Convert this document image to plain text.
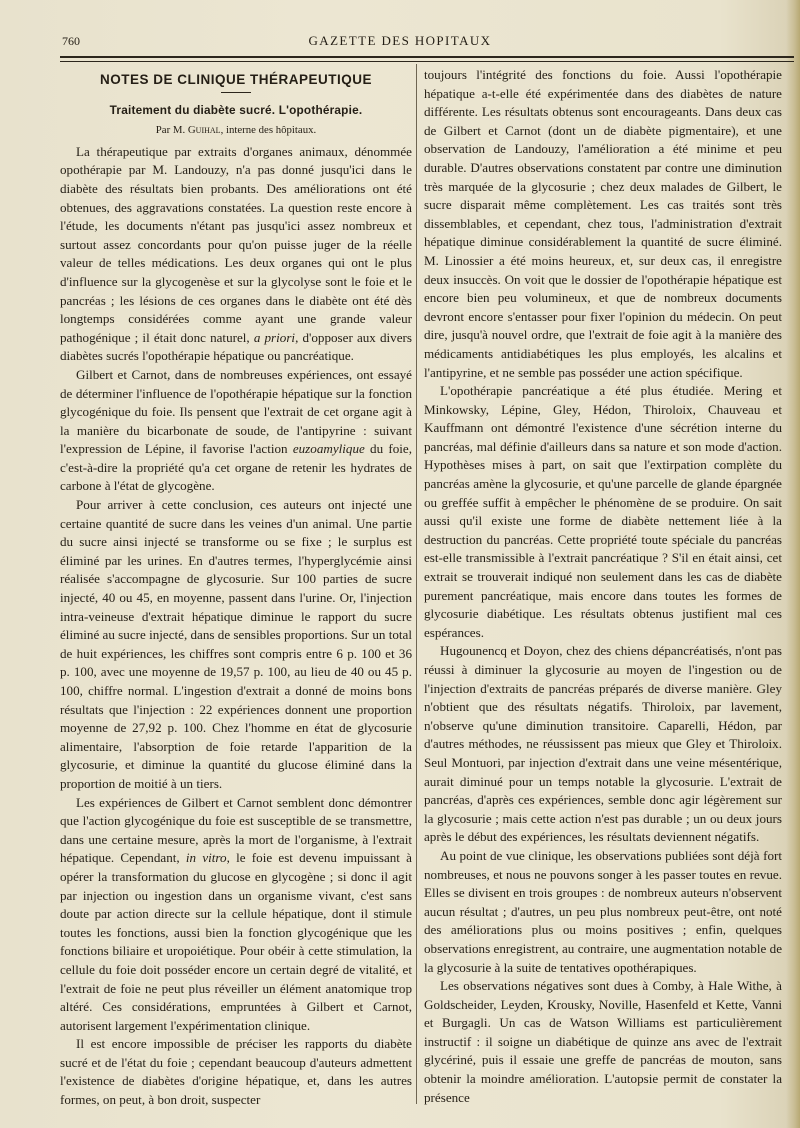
760	GAZETTE DES HOPITAUX
NOTES DE CLINIQUE THÉRAPEUTIQUE
Traitement du diabète sucré. L'opothérapie.
Par M. Guihal, interne des hôpitaux.

La thérapeutique par extraits d'organes animaux, dénommée opothérapie par M. Landouzy, n'a pas donné jusqu'ici dans le diabète des résultats bien probants. Des améliorations ont été obtenues, des aggravations constatées. La question reste encore à l'étude, les documents n'étant pas jusqu'ici assez nombreux et surtout assez concordants pour qu'on puisse juger de la réelle valeur de telles médications. Les deux organes qui ont le plus d'influence sur la glycogenèse et sur la glycolyse sont le foie et le pancréas ; les lésions de ces organes dans le diabète ont été dès longtemps considérées comme ayant une grande valeur pathogénique ; il était donc naturel, a priori, d'opposer aux divers diabètes sucrés l'opothérapie hépatique ou pancréatique.

Gilbert et Carnot, dans de nombreuses expériences, ont essayé de déterminer l'influence de l'opothérapie hépatique sur la fonction glycogénique du foie. Ils pensent que l'extrait de cet organe agit à la manière du bicarbonate de soude, de l'antipyrine : suivant l'expression de Lépine, il favorise l'action euzoamylique du foie, c'est-à-dire la propriété qu'a cet organe de retenir les hydrates de carbone à l'état de glycogène.

Pour arriver à cette conclusion, ces auteurs ont injecté une certaine quantité de sucre dans les veines d'un animal. Une partie du sucre ainsi injecté se transforme ou se fixe ; le surplus est éliminé par les urines. En d'autres termes, l'hyperglycémie ainsi réalisée s'accompagne de glycosurie. Sur 100 parties de sucre injecté, 40 ou 45, en moyenne, passent dans l'urine. Or, l'injection intra-veineuse d'extrait hépatique diminue le rapport du sucre éliminé au sucre injecté, dans de sensibles proportions. Sur un total de huit expériences, les chiffres sont compris entre 6 p. 100 et 36 p. 100, avec une moyenne de 19,57 p. 100, au lieu de 40 ou 45 p. 100, chiffre normal. L'ingestion d'extrait a donné de moins bons résultats que l'injection : 22 expériences donnent une proportion moyenne de 27,92 p. 100. Chez l'homme en état de glycosurie alimentaire, l'absorption de foie retarde l'apparition de la glycosurie, et diminue la quantité du glucose éliminé dans la proportion de moitié à un tiers.

Les expériences de Gilbert et Carnot semblent donc démontrer que l'action glycogénique du foie est susceptible de se transmettre, dans une certaine mesure, après la mort de l'organisme, à l'extrait hépatique. Cependant, in vitro, le foie est devenu impuissant à opérer la transformation du glucose en glycogène ; si donc il agit par injection ou ingestion dans un organisme vivant, c'est sans doute par action directe sur la cellule hépatique, dont il stimule toutes les fonctions, aussi bien la fonction glycogénique que les fonctions biliaire et uropoiétique. Pour obéir à cette stimulation, la cellule du foie doit posséder encore un certain degré de vitalité, et l'extrait de foie ne peut plus réveiller un élément anatomique trop altéré. Ces considérations, empruntées à Gilbert et Carnot, autorisent largement l'expérimentation clinique.

Il est encore impossible de préciser les rapports du diabète sucré et de l'état du foie ; cependant beaucoup d'auteurs admettent l'existence de diabètes d'origine hépatique, et, dans les autres formes, on peut, à bon droit, suspecter

toujours l'intégrité des fonctions du foie. Aussi l'opothérapie hépatique a-t-elle été expérimentée dans des diabètes de nature différente. Les résultats obtenus sont encourageants. Dans deux cas de Gilbert et Carnot (dont un de diabète pigmentaire), et une observation de Landouzy, l'amélioration a été minime et peu durable. D'autres observations constatent par contre une diminution très marquée de la glycosurie ; chez deux malades de Gilbert, le sucre disparait même complètement. Les cas traités sont très dissemblables, et cependant, chez tous, l'administration d'extrait hépatique diminue considérablement la quantité de sucre éliminé. M. Linossier a été moins heureux, et, sur deux cas, il enregistre deux insuccès. On voit que le dossier de l'opothérapie hépatique est encore bien peu volumineux, et que de nombreux documents devront encore s'entasser pour fixer l'opinion du médecin. On peut dire, jusqu'à nouvel ordre, que l'extrait de foie agit à la manière des médicaments antidiabétiques les plus employés, les alcalins et l'antipyrine, et ne semble pas posséder une action spécifique.

L'opothérapie pancréatique a été plus étudiée. Mering et Minkowsky, Lépine, Gley, Hédon, Thiroloix, Chauveau et Kauffmann ont démontré l'existence d'une sécrétion interne du pancréas, mal définie d'ailleurs dans sa nature et son mode d'action. Hypothèses mises à part, on sait que l'extirpation complète du pancréas amène la glycosurie, et qu'une parcelle de glande épargnée ou greffée suffit à empêcher le phénomène de se produire. On sait aussi qu'il existe une forme de diabète nettement liée à la destruction du pancréas. Cette propriété toute spéciale du pancréas est-elle transmissible à l'extrait pancréatique ? S'il en était ainsi, cet extrait se trouverait indiqué non seulement dans les cas de diabète purement pancréatique, mais encore dans toutes les formes de glycosurie diabétique. Les résultats obtenus justifient mal ces espérances.

Hugounencq et Doyon, chez des chiens dépancréatisés, n'ont pas réussi à diminuer la glycosurie au moyen de l'ingestion ou de l'injection d'extraits de pancréas préparés de diverse manière. Gley n'obtient que des résultats négatifs. Thiroloix, par lavement, n'observe qu'une diminution transitoire. Caparelli, Hédon, par d'autres méthodes, ne réussissent pas mieux que Gley et Thiroloix. Seul Montuori, par injection d'extrait dans une veine mésentérique, aurait diminué pour un temps notable la glycosurie. L'extrait de pancréas, d'après ces expériences, semble donc agir légèrement sur la glycosurie ; mais cette action n'est pas durable ; un ou deux jours après le début des expériences, les résultats deviennent négatifs.

Au point de vue clinique, les observations publiées sont déjà fort nombreuses, et nous ne pouvons songer à les passer toutes en revue. Elles se divisent en trois groupes : de nombreux auteurs n'observent aucun résultat ; d'autres, un peu plus nombreux peut-être, ont noté des améliorations plus ou moins positives ; enfin, quelques observations enregistrent, au contraire, une augmentation notable de la glycosurie à la suite de tentatives opothérapiques.

Les observations négatives sont dues à Comby, à Hale Withe, à Goldscheider, Leyden, Krousky, Noville, Hasenfeld et Kette, Vanni et Burgagli. Un cas de Watson Williams est particulièrement instructif : il soigne un diabétique de quinze ans avec de l'extrait glycériné, puis il essaie une greffe de pancréas de mouton, sans obtenir la moindre amélioration. L'autopsie permit de constater la présence
